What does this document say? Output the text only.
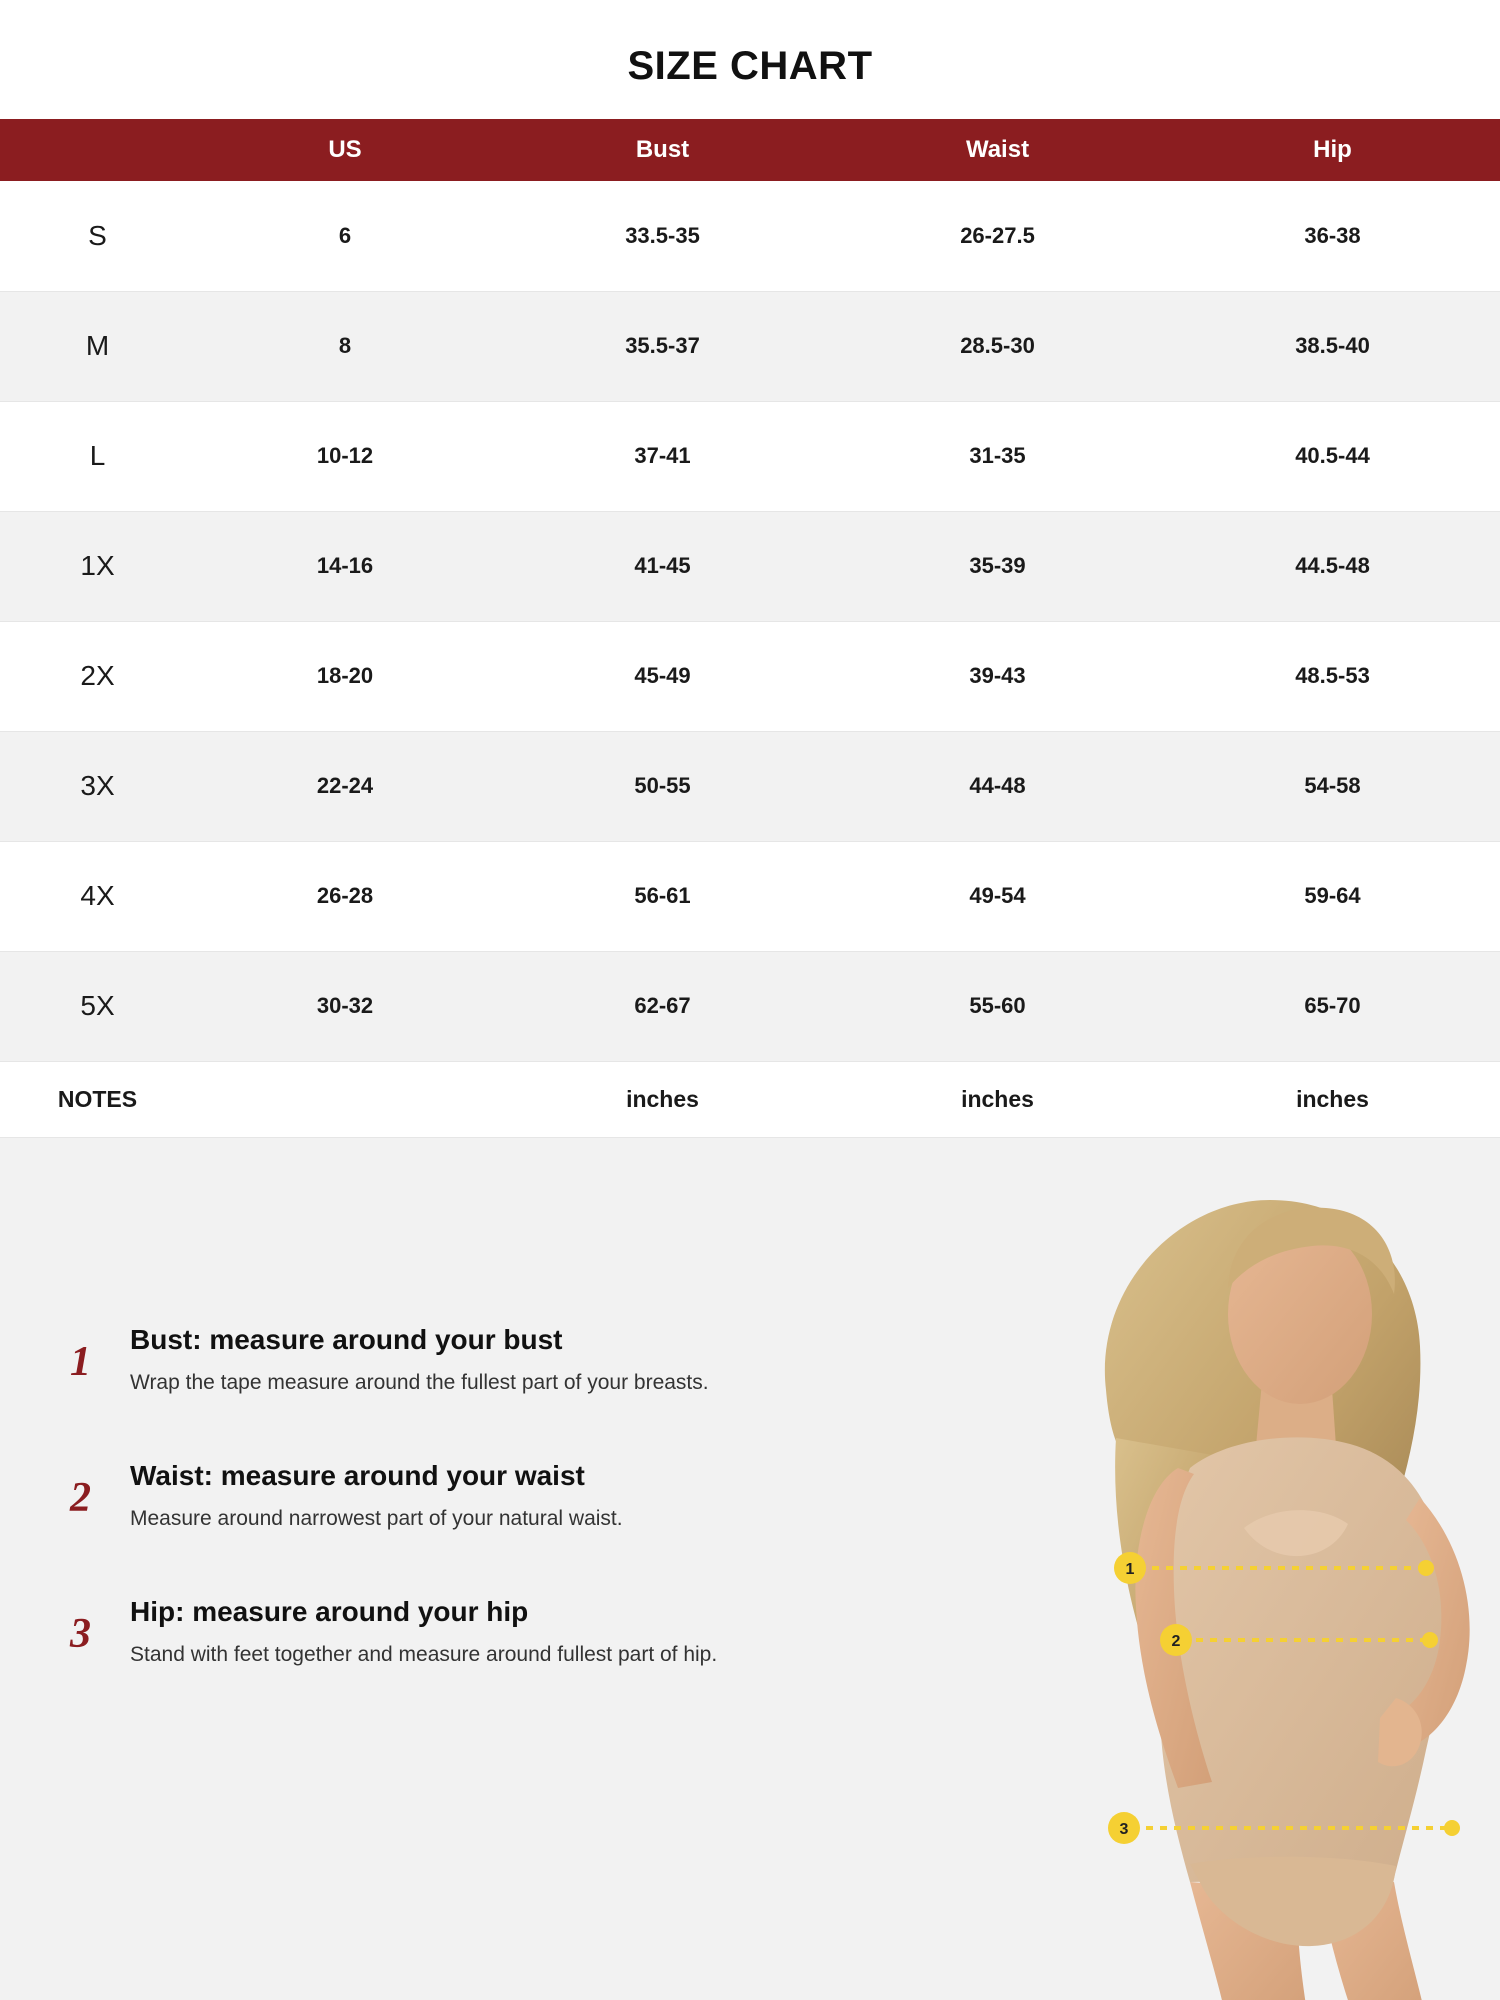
SIZE CHART
	US	Bust	Waist	Hip
S	6	33.5-35	26-27.5	36-38
M	8	35.5-37	28.5-30	38.5-40
L	10-12	37-41	31-35	40.5-44
1X	14-16	41-45	35-39	44.5-48
2X	18-20	45-49	39-43	48.5-53
3X	22-24	50-55	44-48	54-58
4X	26-28	56-61	49-54	59-64
5X	30-32	62-67	55-60	65-70
NOTES		inches	inches	inches
1 Bust: measure around your bust
Wrap the tape measure around the fullest part of your breasts.
2 Waist: measure around your waist
Measure around narrowest part of your natural waist.
3 Hip: measure around your hip
Stand with feet together and measure around fullest part of hip.
1
2
3
